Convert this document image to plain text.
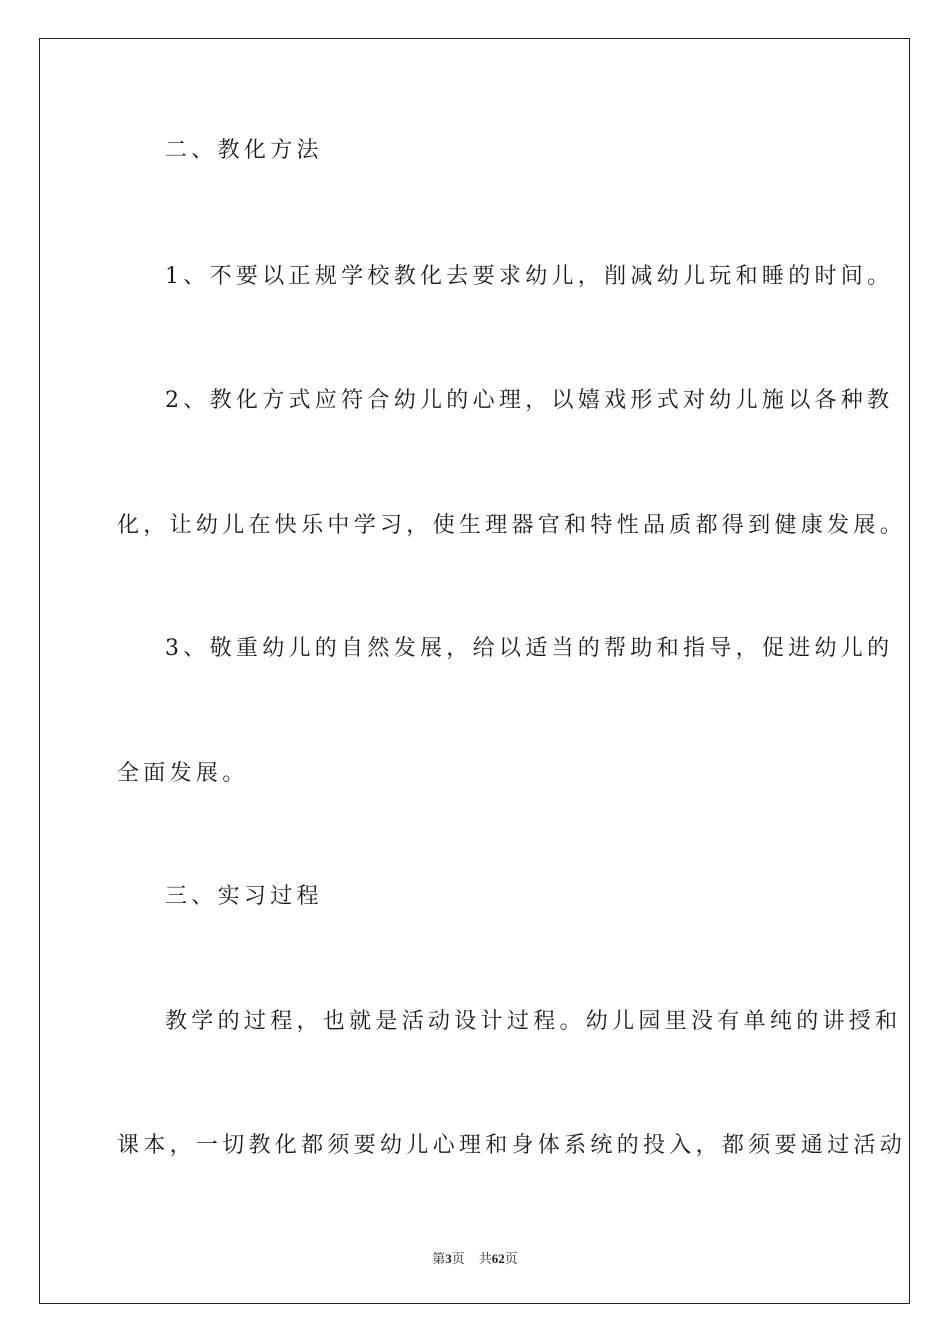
二、教化方法
1、不要以正规学校教化去要求幼儿，削减幼儿玩和睡的时间。
2、教化方式应符合幼儿的心理，以嬉戏形式对幼儿施以各种教
化，让幼儿在快乐中学习，使生理器官和特性品质都得到健康发展。
3、敬重幼儿的自然发展，给以适当的帮助和指导，促进幼儿的
全面发展。
三、实习过程
教学的过程，也就是活动设计过程。幼儿园里没有单纯的讲授和
课本，一切教化都须要幼儿心理和身体系统的投入，都须要通过活动
第3页 共62页
